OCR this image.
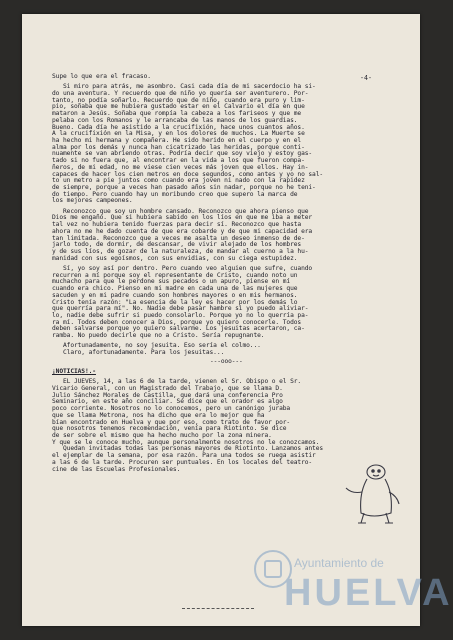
-4-
Supe lo que era el fracaso.
Si miro para atrás, me asombro. Casi cada día de mi sacerdocio ha si-
do una aventura. Y recuerdo que de niño yo quería ser aventurero. Por-
tanto, no podía soñarlo. Recuerdo que de niño, cuando era puro y lim-
pio, soñaba que me hubiera gustado estar en el Calvario el día en que
mataron a Jesús. Soñaba que rompía la cabeza a los fariseos y que me
pelaba con los Romanos y le arrancaba de las manos de los guardias.
Bueno. Cada día he asistido a la crucifixión, hace unos cuantos años.
A la crucifixión en la Misa, y en los dolores de muchos. La Muerte se
ha hecho mi hermana y compañera. He sido herido en el cuerpo y en el
alma por los demás y nunca han cicatrizado las heridas, porque conti-
nuamente se van abriendo otras. Podría decir que soy viejo y estoy gas-
tado si no fuera que, al encontrar en la vida a los que fueron compa-
ñeros, de mi edad, no me viese cien veces más joven que ellos. Hay in-
capaces de hacer los cien metros en doce segundos, como antes y yo no sal-
to un metro a pie juntos como cuando era joven ni nado con la rapidez
de siempre, porque a veces han pasado años sin nadar, porque no he teni-
do tiempo. Pero cuando hay un moribundo creo que supero la marca de
los mejores campeones.
Reconozco que soy un hombre cansado. Reconozco que ahora pienso que
Dios me engañó. Que si hubiera sabido en los líos en que me iba a meter
tal vez no hubiera tenido fuerzas para decir sí. Reconozco que hasta
ahora no me he dado cuenta de que era cobarde y de que mi capacidad era
tan limitada. Reconozco que a veces me asalta un deseo inmenso de de-
jarlo todo, de dormir, de descansar, de vivir alejado de los hombres
y de sus líos, de gozar de la naturaleza, de mandar al cuerno a la hu-
manidad con sus egoísmos, con sus envidias, con su ciega estupidez.
Sí, yo soy así por dentro. Pero cuando veo alguien que sufre, cuando
recurren a mí porque soy el representante de Cristo, cuando noto un
muchacho para que le perdone sus pecados o un apuro, piense en mí
cuando era chico. Pienso en mi madre en cada una de las mujeres que
sacuden y en mi padre cuando son hombres mayores o en mis hermanos.
Cristo tenía razón: "La esencia de la ley es hacer por los demás lo
que querría para mí". No. Nadie debe pasar hambre si yo puedo aliviar-
lo, nadie debe sufrir si puedo consolarlo. Porque yo no lo querría pa-
ra mí. Todos deben conocer a Dios, porque yo quiero conocerle. Todos
deben salvarse porque yo quiero salvarme. Los jesuitas acertaron, ca-
ramba. No puedo decirle que no a Cristo. Sería repugnante.
Afortunadamente, no soy jesuita. Eso sería el colmo...
Claro, afortunadamente. Para los jesuitas...
---ooo---
¡NOTICIAS!.-
EL JUEVES, 14, a las 6 de la tarde, vienen el Sr. Obispo o el Sr.
Vicario General, con un Magistrado del Trabajo, que se llama D.
Julio Sánchez Morales de Castilla, que dará una conferencia Pro
Seminario, en este año conciliar. Sé dice que el orador es algo
poco corriente. Nosotros no lo conocemos, pero un canónigo juraba
que se llama Metrona, nos ha dicho que era lo mejor que ha
bían encontrado en Huelva y que por eso, como trato de favor por-
que nosotros tenemos recomendación, venía para Riotinto. Se dice
de ser sobre el mismo que ha hecho mucho por la zona minera.
Y que se le conoce mucho, aunque personalmente nosotros no le conozcamos.
Quedan invitadas todas las personas mayores de Riotinto. Lanzamos antes
el ejemplar de la semana, por esa razón. Para una todos se ruega asistir
a las 6 de la tarde. Procuren ser puntuales. En los locales del teatro-
cine de las Escuelas Profesionales.
Ayuntamiento de
HUELVA
